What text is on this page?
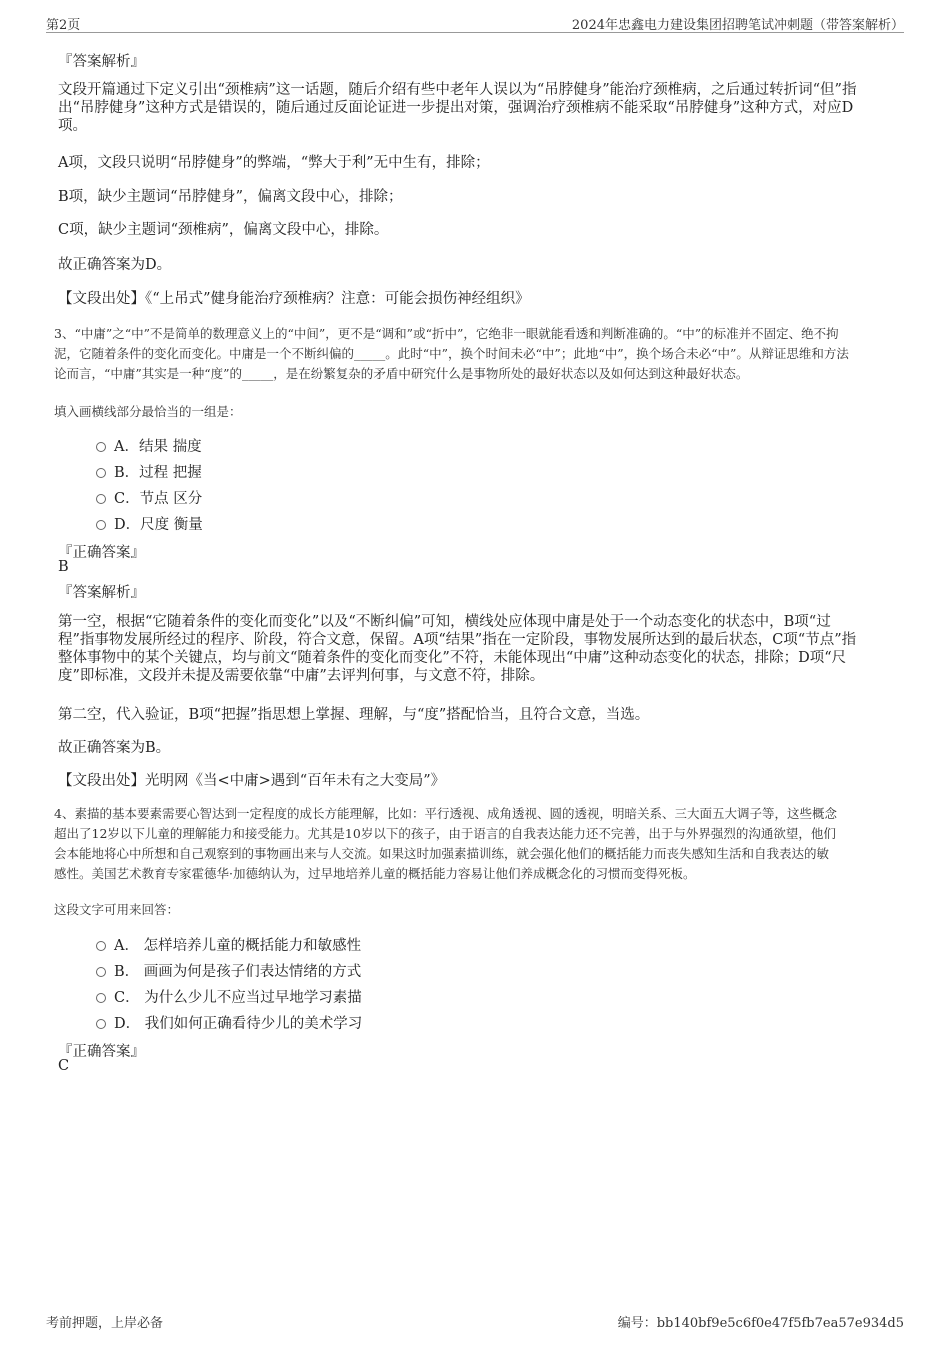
第2页	2024年忠鑫电力建设集团招聘笔试冲刺题（带答案解析）
『答案解析』
文段开篇通过下定义引出“颈椎病”这一话题，随后介绍有些中老年人误以为“吊脖健身”能治疗颈椎病，之后通过转折词“但”指
出“吊脖健身”这种方式是错误的，随后通过反面论证进一步提出对策，强调治疗颈椎病不能采取“吊脖健身”这种方式，对应D
项。
A项，文段只说明“吊脖健身”的弊端，“弊大于利”无中生有，排除；
B项，缺少主题词“吊脖健身”，偏离文段中心，排除；
C项，缺少主题词“颈椎病”，偏离文段中心，排除。
故正确答案为D。
【文段出处】《“上吊式”健身能治疗颈椎病？注意：可能会损伤神经组织》
3、“中庸”之“中”不是简单的数理意义上的“中间”，更不是“调和”或“折中”，它绝非一眼就能看透和判断准确的。“中”的标准并不固定、绝不拘
泥，它随着条件的变化而变化。中庸是一个不断纠偏的_____。此时“中”，换个时间未必“中”；此地“中”，换个场合未必“中”。从辩证思维和方法
论而言，“中庸”其实是一种“度”的_____，是在纷繁复杂的矛盾中研究什么是事物所处的最好状态以及如何达到这种最好状态。
填入画横线部分最恰当的一组是：
A．结果 揣度
B．过程 把握
C．节点 区分
D．尺度 衡量
『正确答案』
B
『答案解析』
第一空，根据“它随着条件的变化而变化”以及“不断纠偏”可知，横线处应体现中庸是处于一个动态变化的状态中，B项“过
程”指事物发展所经过的程序、阶段，符合文意，保留。A项“结果”指在一定阶段，事物发展所达到的最后状态，C项“节点”指
整体事物中的某个关键点，均与前文“随着条件的变化而变化”不符，未能体现出“中庸”这种动态变化的状态，排除；D项“尺
度”即标准，文段并未提及需要依靠“中庸”去评判何事，与文意不符，排除。
第二空，代入验证，B项“把握”指思想上掌握、理解，与“度”搭配恰当，且符合文意，当选。
故正确答案为B。
【文段出处】光明网《当<中庸>遇到“百年未有之大变局”》
4、素描的基本要素需要心智达到一定程度的成长方能理解，比如：平行透视、成角透视、圆的透视，明暗关系、三大面五大调子等，这些概念
超出了12岁以下儿童的理解能力和接受能力。尤其是10岁以下的孩子，由于语言的自我表达能力还不完善，出于与外界强烈的沟通欲望，他们
会本能地将心中所想和自己观察到的事物画出来与人交流。如果这时加强素描训练，就会强化他们的概括能力而丧失感知生活和自我表达的敏
感性。美国艺术教育专家霍德华·加德纳认为，过早地培养儿童的概括能力容易让他们养成概念化的习惯而变得死板。
这段文字可用来回答：
A． 怎样培养儿童的概括能力和敏感性
B． 画画为何是孩子们表达情绪的方式
C． 为什么少儿不应当过早地学习素描
D． 我们如何正确看待少儿的美术学习
『正确答案』
C
考前押题，上岸必备	编号：bb140bf9e5c6f0e47f5fb7ea57e934d5
